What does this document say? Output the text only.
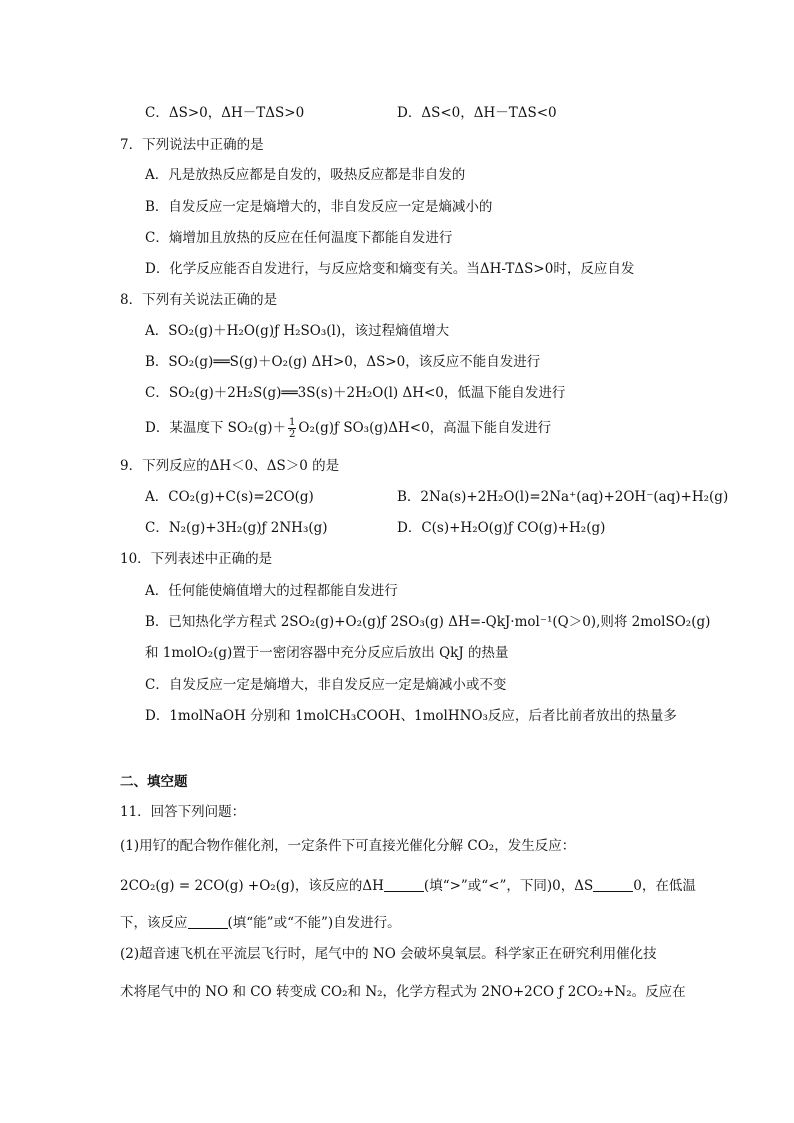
C．ΔS>0，ΔH－TΔS>0	D．ΔS<0，ΔH－TΔS<0
7．下列说法中正确的是
A．凡是放热反应都是自发的，吸热反应都是非自发的
B．自发反应一定是熵增大的，非自发反应一定是熵减小的
C．熵增加且放热的反应在任何温度下都能自发进行
D．化学反应能否自发进行，与反应焓变和熵变有关。当ΔH-TΔS>0时，反应自发
8．下列有关说法正确的是
A．SO₂(g)＋H₂O(g)ƒ H₂SO₃(l)，该过程熵值增大
B．SO₂(g)══S(g)＋O₂(g) ΔH>0，ΔS>0，该反应不能自发进行
C．SO₂(g)＋2H₂S(g)══3S(s)＋2H₂O(l) ΔH<0，低温下能自发进行
D．某温度下 $SO_2(g)+ \frac{1}{2}$ O₂(g)ƒ SO₃(g)ΔH<0，高温下能自发进行
9．下列反应的ΔH＜0、ΔS＞0 的是
A．CO₂(g)+C(s)=2CO(g)	B．2Na(s)+2H₂O(l)=2Na⁺(aq)+2OH⁻(aq)+H₂(g)
C．N₂(g)+3H₂(g)ƒ 2NH₃(g)	D．C(s)+H₂O(g)ƒ CO(g)+H₂(g)
10．下列表述中正确的是
A．任何能使熵值增大的过程都能自发进行
B．已知热化学方程式 2SO₂(g)+O₂(g)ƒ 2SO₃(g) ΔH=-QkJ·mol⁻¹(Q＞0),则将 2molSO₂(g)
和 1molO₂(g)置于一密闭容器中充分反应后放出 QkJ 的热量
C．自发反应一定是熵增大，非自发反应一定是熵减小或不变
D．1molNaOH 分别和 1molCH₃COOH、1molHNO₃反应，后者比前者放出的热量多
二、填空题
11．回答下列问题：
(1)用钌的配合物作催化剂，一定条件下可直接光催化分解 CO₂，发生反应：
2CO₂(g) = 2CO(g) +O₂(g)，该反应的ΔH	(填“>”或“<”，下同)0，ΔS	0，在低温
下，该反应	(填“能”或“不能”)自发进行。
(2)超音速飞机在平流层飞行时，尾气中的 NO 会破坏臭氧层。科学家正在研究利用催化技
术将尾气中的 NO 和 CO 转变成 CO₂和 N₂，化学方程式为 2NO+2CO ƒ 2CO₂+N₂。反应在
